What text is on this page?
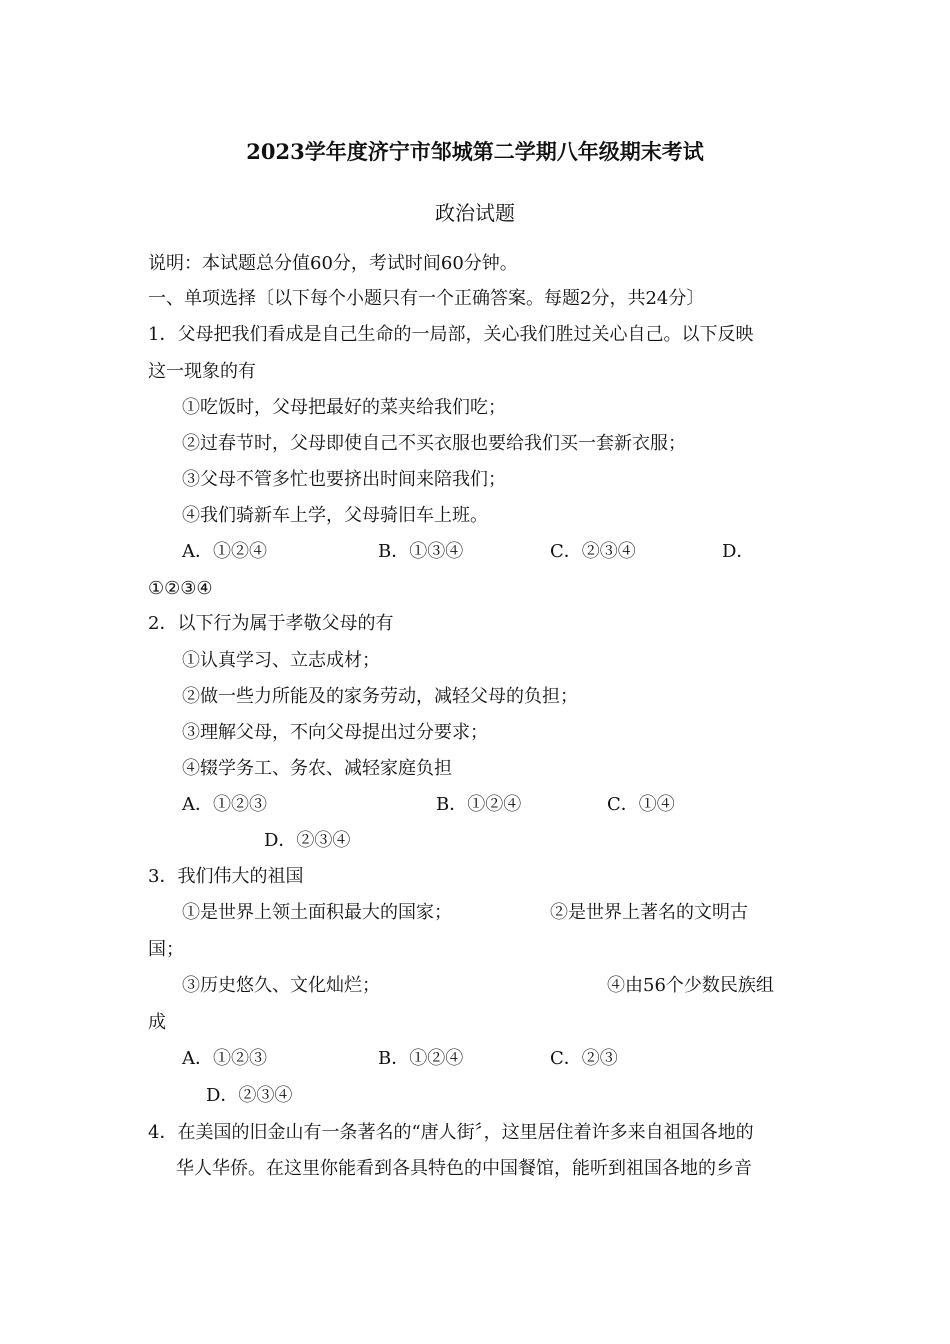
2023学年度济宁市邹城第二学期八年级期末考试
政治试题
说明：本试题总分值60分，考试时间60分钟。
一、单项选择〔以下每个小题只有一个正确答案。每题2分，共24分〕
1．父母把我们看成是自己生命的一局部，关心我们胜过关心自己。以下反映
这一现象的有
①吃饭时，父母把最好的菜夹给我们吃；
②过春节时，父母即使自己不买衣服也要给我们买一套新衣服；
③父母不管多忙也要挤出时间来陪我们；
④我们骑新车上学，父母骑旧车上班。
A．①②④	B．①③④	C．②③④	D．
①②③④
2．以下行为属于孝敬父母的有
①认真学习、立志成材；
②做一些力所能及的家务劳动，减轻父母的负担；
③理解父母，不向父母提出过分要求；
④辍学务工、务农、减轻家庭负担
A．①②③	B．①②④	C．①④
D．②③④
3．我们伟大的祖国
①是世界上领土面积最大的国家；	②是世界上著名的文明古
国；
③历史悠久、文化灿烂；	④由56个少数民族组
成
A．①②③	B．①②④	C．②③
D．②③④
4．在美国的旧金山有一条著名的“唐人街〞，这里居住着许多来自祖国各地的
华人华侨。在这里你能看到各具特色的中国餐馆，能听到祖国各地的乡音
